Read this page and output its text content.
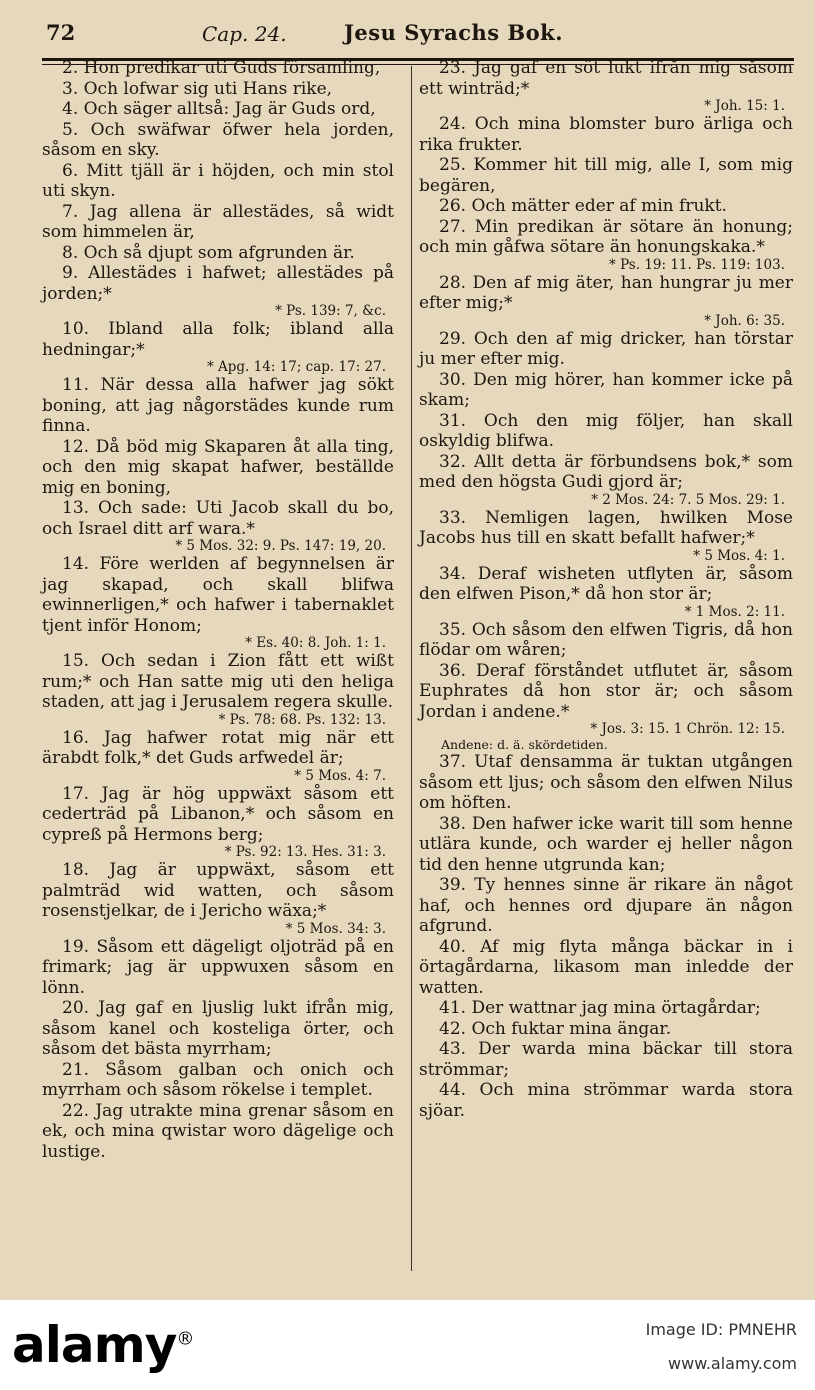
72	Cap. 24.	Jesu Syrachs Bok.

2. Hon predikar uti Guds församling,

3. Och lofwar sig uti Hans rike,

4. Och säger alltså: Jag är Guds ord,

5. Och swäfwar öfwer hela jorden, såsom en sky.

6. Mitt tjäll är i höjden, och min stol uti skyn.

7. Jag allena är allestädes, så widt som himmelen är,

8. Och så djupt som afgrunden är.

9. Allestädes i hafwet; allestädes på jorden;*

* Ps. 139: 7, &c.

10. Ibland alla folk; ibland alla hedningar;*

* Apg. 14: 17; cap. 17: 27.

11. När dessa alla hafwer jag sökt boning, att jag någorstädes kunde rum finna.

12. Då böd mig Skaparen åt alla ting, och den mig skapat hafwer, beställde mig en boning,

13. Och sade: Uti Jacob skall du bo, och Israel ditt arf wara.*

* 5 Mos. 32: 9. Ps. 147: 19, 20.

14. Före werlden af begynnelsen är jag skapad, och skall blifwa ewinnerligen,* och hafwer i tabernaklet tjent inför Honom;

* Es. 40: 8. Joh. 1: 1.

15. Och sedan i Zion fått ett wißt rum;* och Han satte mig uti den heliga staden, att jag i Jerusalem regera skulle.

* Ps. 78: 68. Ps. 132: 13.

16. Jag hafwer rotat mig när ett ärabdt folk,* det Guds arfwedel är;

* 5 Mos. 4: 7.

17. Jag är hög uppwäxt såsom ett cederträd på Libanon,* och såsom en cypreß på Hermons berg;

* Ps. 92: 13. Hes. 31: 3.

18. Jag är uppwäxt, såsom ett palmträd wid watten, och såsom rosenstjelkar, de i Jericho wäxa;*

* 5 Mos. 34: 3.

19. Såsom ett dägeligt oljoträd på en frimark; jag är uppwuxen såsom en lönn.

20. Jag gaf en ljuslig lukt ifrån mig, såsom kanel och kosteliga örter, och såsom det bästa myrrham;

21. Såsom galban och onich och myrrham och såsom rökelse i templet.

22. Jag utrakte mina grenar såsom en ek, och mina qwistar woro dägelige och lustige.

23. Jag gaf en söt lukt ifrån mig såsom ett winträd;*

* Joh. 15: 1.

24. Och mina blomster buro ärliga och rika frukter.

25. Kommer hit till mig, alle I, som mig begären,

26. Och mätter eder af min frukt.

27. Min predikan är sötare än honung; och min gåfwa sötare än honungskaka.*

* Ps. 19: 11. Ps. 119: 103.

28. Den af mig äter, han hungrar ju mer efter mig;*

* Joh. 6: 35.

29. Och den af mig dricker, han törstar ju mer efter mig.

30. Den mig hörer, han kommer icke på skam;

31. Och den mig följer, han skall oskyldig blifwa.

32. Allt detta är förbundsens bok,* som med den högsta Gudi gjord är;

* 2 Mos. 24: 7. 5 Mos. 29: 1.

33. Nemligen lagen, hwilken Mose Jacobs hus till en skatt befallt hafwer;*

* 5 Mos. 4: 1.

34. Deraf wisheten utflyten är, såsom den elfwen Pison,* då hon stor är;

* 1 Mos. 2: 11.

35. Och såsom den elfwen Tigris, då hon flödar om wåren;

36. Deraf förståndet utflutet är, såsom Euphrates då hon stor är; och såsom Jordan i andene.*

* Jos. 3: 15. 1 Chrön. 12: 15.

Andene: d. ä. skördetiden.

37. Utaf densamma är tuktan utgången såsom ett ljus; och såsom den elfwen Nilus om höften.

38. Den hafwer icke warit till som henne utlära kunde, och warder ej heller någon tid den henne utgrunda kan;

39. Ty hennes sinne är rikare än något haf, och hennes ord djupare än någon afgrund.

40. Af mig flyta många bäckar in i örtagårdarna, likasom man inledde der watten.

41. Der wattnar jag mina örtagårdar;

42. Och fuktar mina ängar.

43. Der warda mina bäckar till stora strömmar;

44. Och mina strömmar warda stora sjöar.

alamy®	Image ID: PMNEHR
www.alamy.com
